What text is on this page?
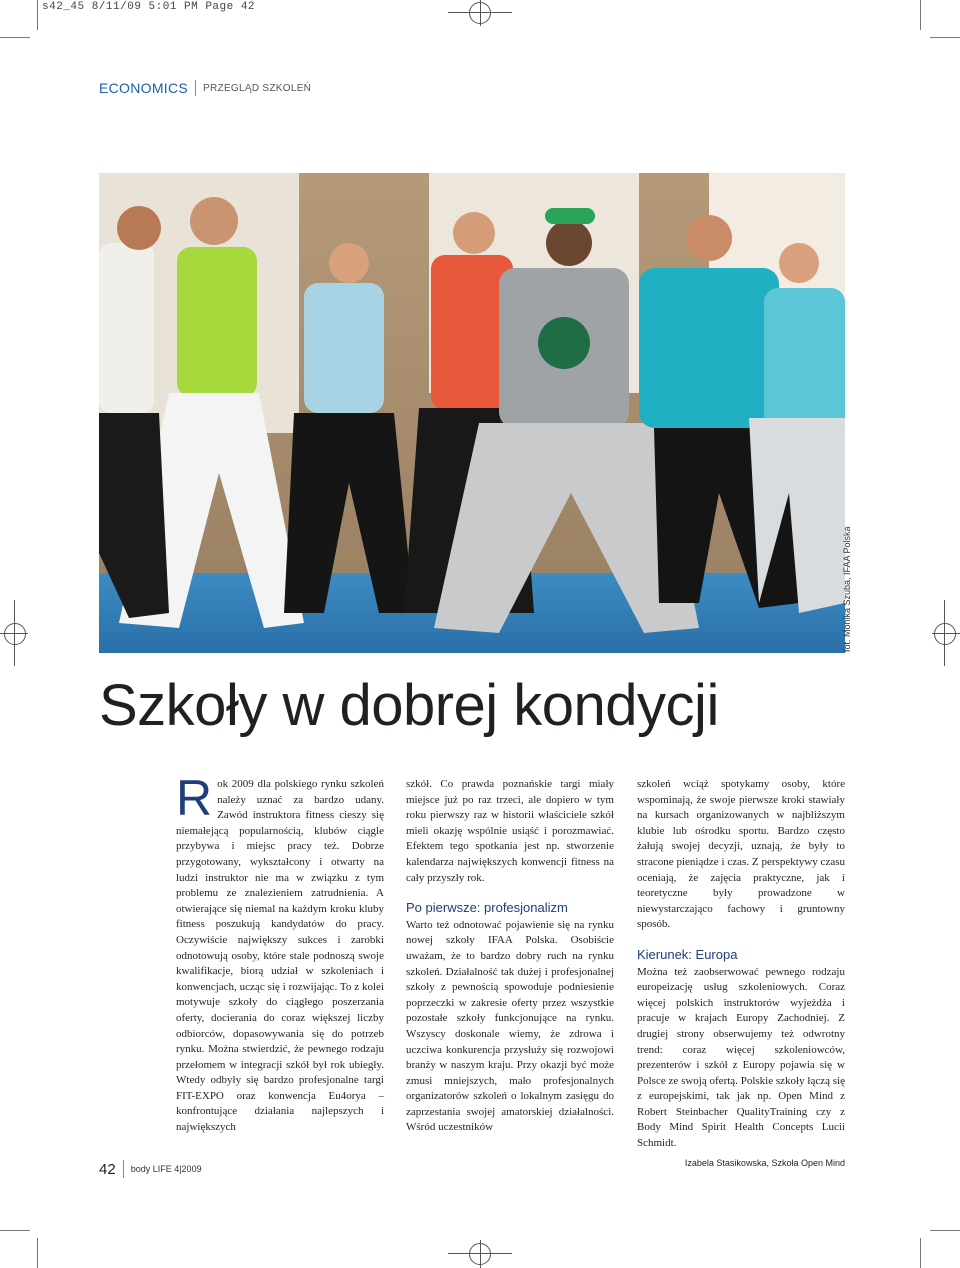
s42_45 8/11/09 5:01 PM Page 42
ECONOMICS PRZEGLĄD SZKOLEŃ
fot. Monika Szuba, IFAA Polska
Szkoły w dobrej kondycji
R ok 2009 dla polskiego rynku szkoleń należy uznać za bardzo udany. Zawód instruktora fitness cieszy się niemałejącą popularnością, klubów ciągle przybywa i miejsc pracy też. Dobrze przygotowany, wykształcony i otwarty na ludzi instruktor nie ma w związku z tym problemu ze znalezieniem zatrudnienia. A otwierające się niemal na każdym kroku kluby fitness poszukują kandydatów do pracy. Oczywiście największy sukces i zarobki odnotowują osoby, które stale podnoszą swoje kwalifikacje, biorą udział w szkoleniach i konwencjach, ucząc się i rozwijając. To z kolei motywuje szkoły do ciągłego poszerzania oferty, docierania do coraz większej liczby odbiorców, dopasowywania się do potrzeb rynku. Można stwierdzić, że pewnego rodzaju przełomem w integracji szkół był rok ubiegły. Wtedy odbyły się bardzo profesjonalne targi FIT-EXPO oraz konwencja Eu4orya – konfrontujące działania najlepszych i największych

szkół. Co prawda poznańskie targi miały miejsce już po raz trzeci, ale dopiero w tym roku pierwszy raz w historii właściciele szkół mieli okazję wspólnie usiąść i porozmawiać. Efektem tego spotkania jest np. stworzenie kalendarza największych konwencji fitness na cały przyszły rok.

Po pierwsze: profesjonalizm

Warto też odnotować pojawienie się na rynku nowej szkoły IFAA Polska. Osobiście uważam, że to bardzo dobry ruch na rynku szkoleń. Działalność tak dużej i profesjonalnej szkoły z pewnością spowoduje podniesienie poprzeczki w zakresie oferty przez wszystkie pozostałe szkoły funkcjonujące na rynku. Wszyscy doskonale wiemy, że zdrowa i uczciwa konkurencja przysłuży się rozwojowi branży w naszym kraju. Przy okazji być może zmusi mniejszych, mało profesjonalnych organizatorów szkoleń o lokalnym zasięgu do zaprzestania swojej amatorskiej działalności. Wśród uczestników

szkoleń wciąż spotykamy osoby, które wspominają, że swoje pierwsze kroki stawiały na kursach organizowanych w najbliższym klubie lub ośrodku sportu. Bardzo często żałują swojej decyzji, uznają, że były to stracone pieniądze i czas. Z perspektywy czasu oceniają, że zajęcia praktyczne, jak i teoretyczne były prowadzone w niewystarczająco fachowy i gruntowny sposób.

Kierunek: Europa

Można też zaobserwować pewnego rodzaju europeizację usług szkoleniowych. Coraz więcej polskich instruktorów wyjeżdża i pracuje w krajach Europy Zachodniej. Z drugiej strony obserwujemy też odwrotny trend: coraz więcej szkoleniowców, prezenterów i szkół z Europy pojawia się w Polsce ze swoją ofertą. Polskie szkoły łączą się z europejskimi, tak jak np. Open Mind z Robert Steinbacher QualityTraining czy z Body Mind Spirit Health Concepts Lucii Schmidt.

Izabela Stasikowska, Szkoła Open Mind
42 body LIFE 4|2009
